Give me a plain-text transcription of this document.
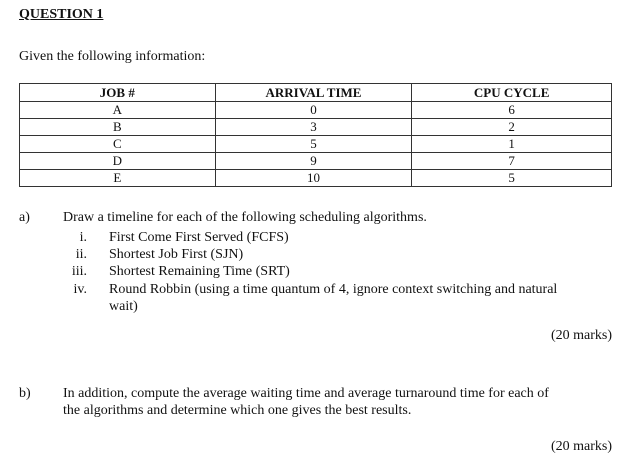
QUESTION 1
Given the following information:
JOB #	ARRIVAL TIME	CPU CYCLE
A	0	6
B	3	2
C	5	1
D	9	7
E	10	5
a) Draw a timeline for each of the following scheduling algorithms.
i. First Come First Served (FCFS)
ii. Shortest Job First (SJN)
iii. Shortest Remaining Time (SRT)
iv. Round Robbin (using a time quantum of 4, ignore context switching and natural
wait)
(20 marks)
b) In addition, compute the average waiting time and average turnaround time for each of
the algorithms and determine which one gives the best results.
(20 marks)
